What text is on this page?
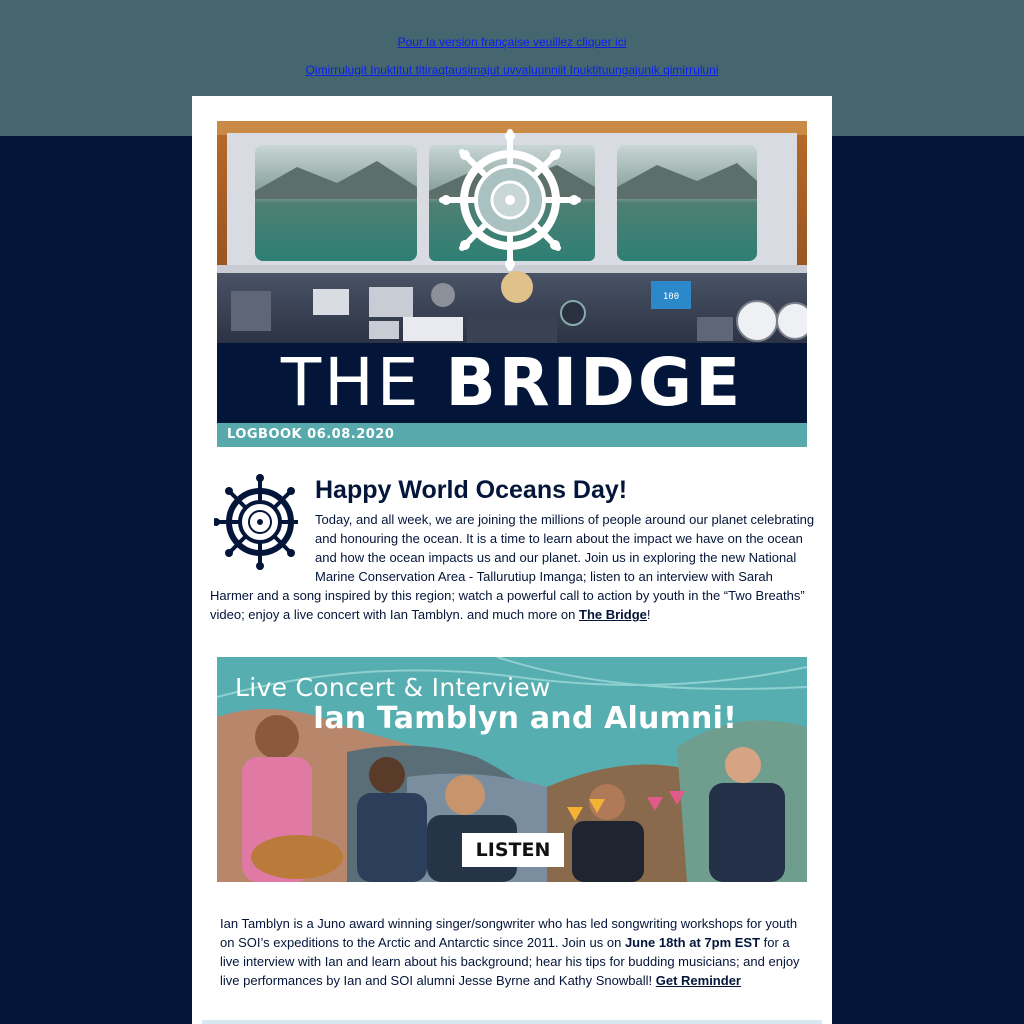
Pour la version française veuillez cliquer ici
Qimirrulugit Inuktitut titiraqtausimajut uvvaluunniit Inuktituungajunik qimirruluni
100
THE BRIDGE
LOGBOOK 06.08.2020
Happy World Oceans Day!

Today, and all week, we are joining the millions of people around our planet celebrating and honouring the ocean. It is a time to learn about the impact we have on the ocean and how the ocean impacts us and our planet. Join us in exploring the new National Marine Conservation Area - Tallurutiup Imanga; listen to an interview with Sarah Harmer and a song inspired by this region; watch a powerful call to action by youth in the “Two Breaths” video; enjoy a live concert with Ian Tamblyn. and much more on The Bridge!

Live Concert & Interview
Ian Tamblyn and Alumni!
LISTEN

Ian Tamblyn is a Juno award winning singer/songwriter who has led songwriting workshops for youth on SOI’s expeditions to the Arctic and Antarctic since 2011. Join us on June 18th at 7pm EST for a live interview with Ian and learn about his background; hear his tips for budding musicians; and enjoy live performances by Ian and SOI alumni Jesse Byrne and Kathy Snowball! Get Reminder
